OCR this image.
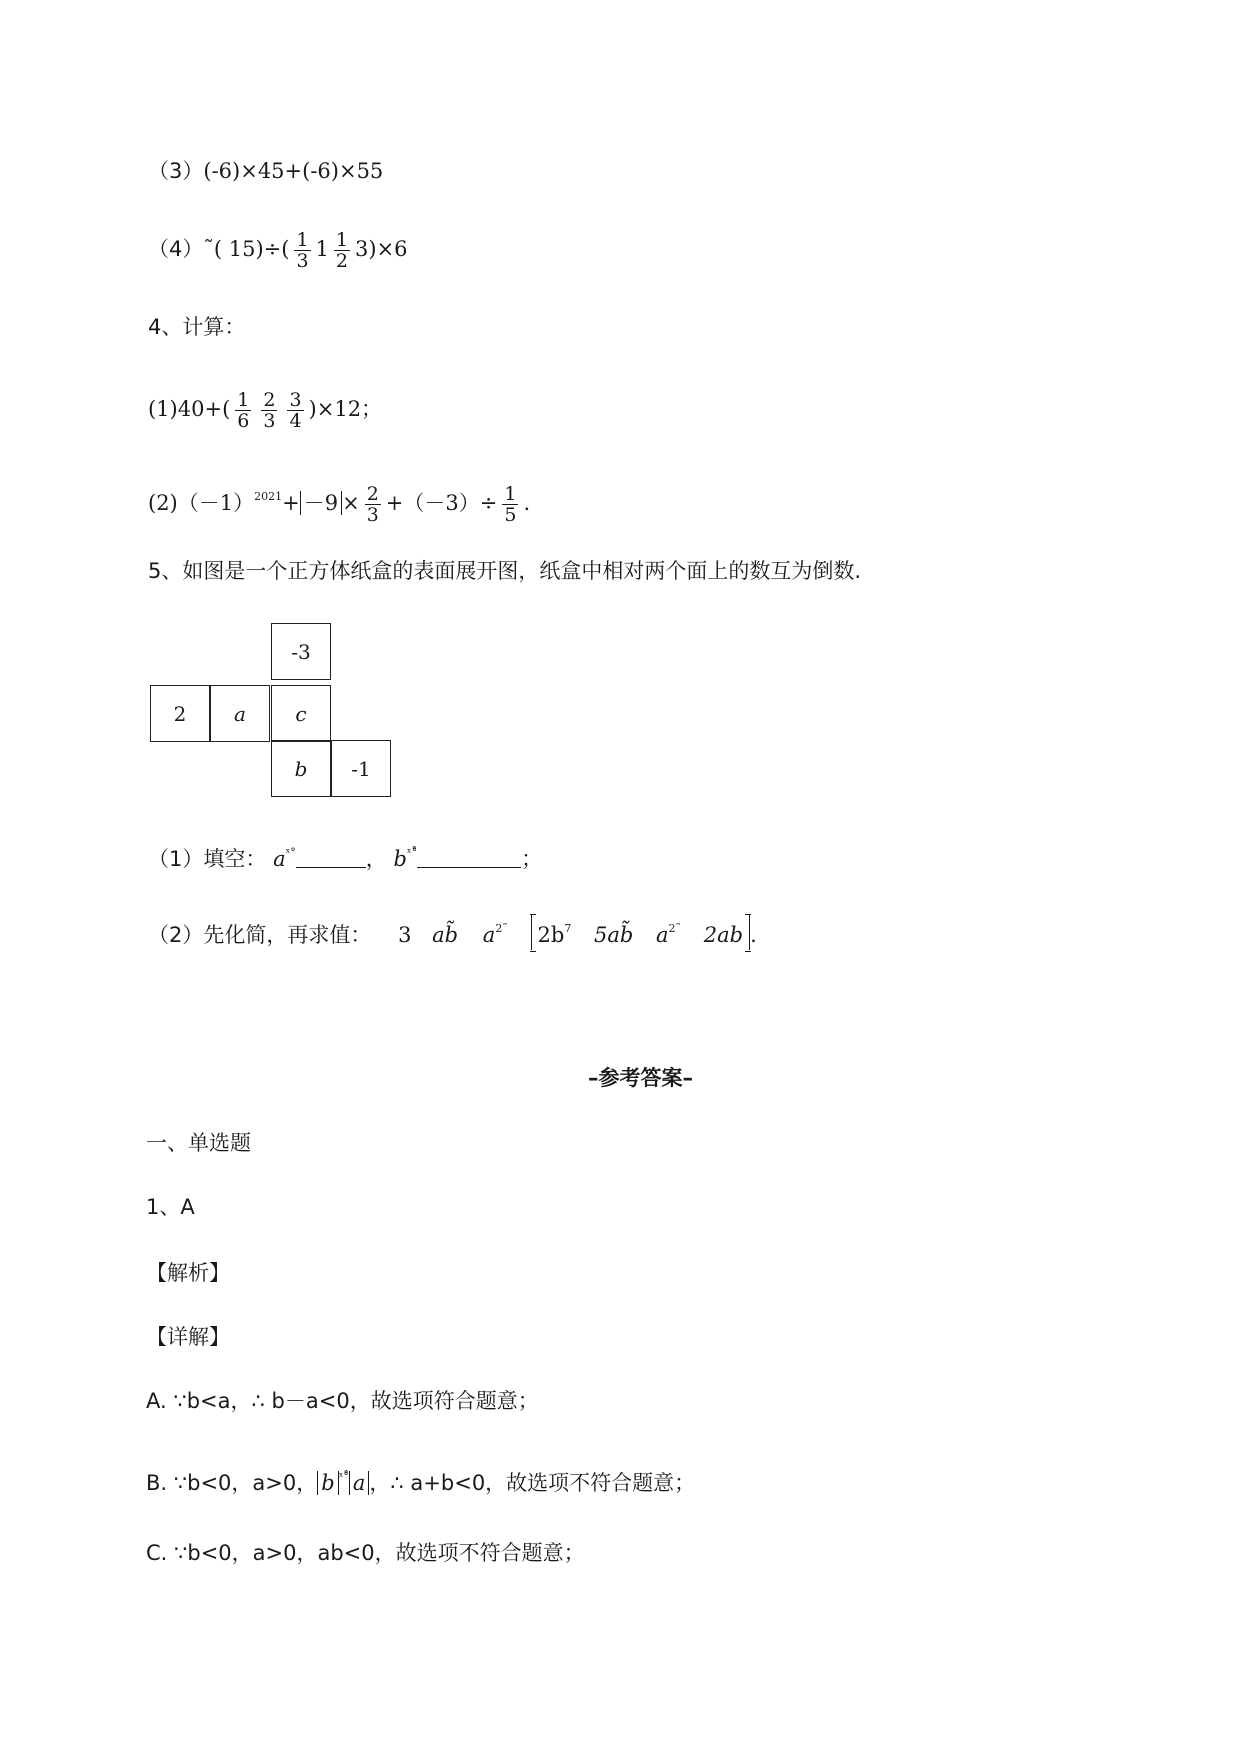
（3）(-6)×45+(-6)×55
（4）˜( $15)\div( \frac{1}{3} 1 \frac{1}{2} 3)\times 6$
4、计算：
$(1)40+( \frac{1}{6} \frac{2}{3} \frac{3}{4} )\times 12$；
$(2)(-1)^{2021}+ -9 \times \frac{2}{3} +(-3)\div \frac{1}{5}$ .
5、如图是一个正方体纸盒的表面展开图，纸盒中相对两个面上的数互为倒数.
-3
2	a	c
b	-1
（1）填空： $a^{ˣ^\circ}$	， $b^{ˣ^\circ̊}$	；
（2）先化简，再求值： 3 ab̃ $a^{2˜}$ $2b^7$ 5ab̃ $a^{2˜}$ 2ab .
–参考答案–
一、单选题
1、A
【解析】
【详解】
A. ∵b<a，∴ b－a<0，故选项符合题意；
B. ∵b<0，a>0， b $^{ˣ^\circ̊}$ a ，∴ a+b<0，故选项不符合题意；
C. ∵b<0，a>0，ab<0，故选项不符合题意；
